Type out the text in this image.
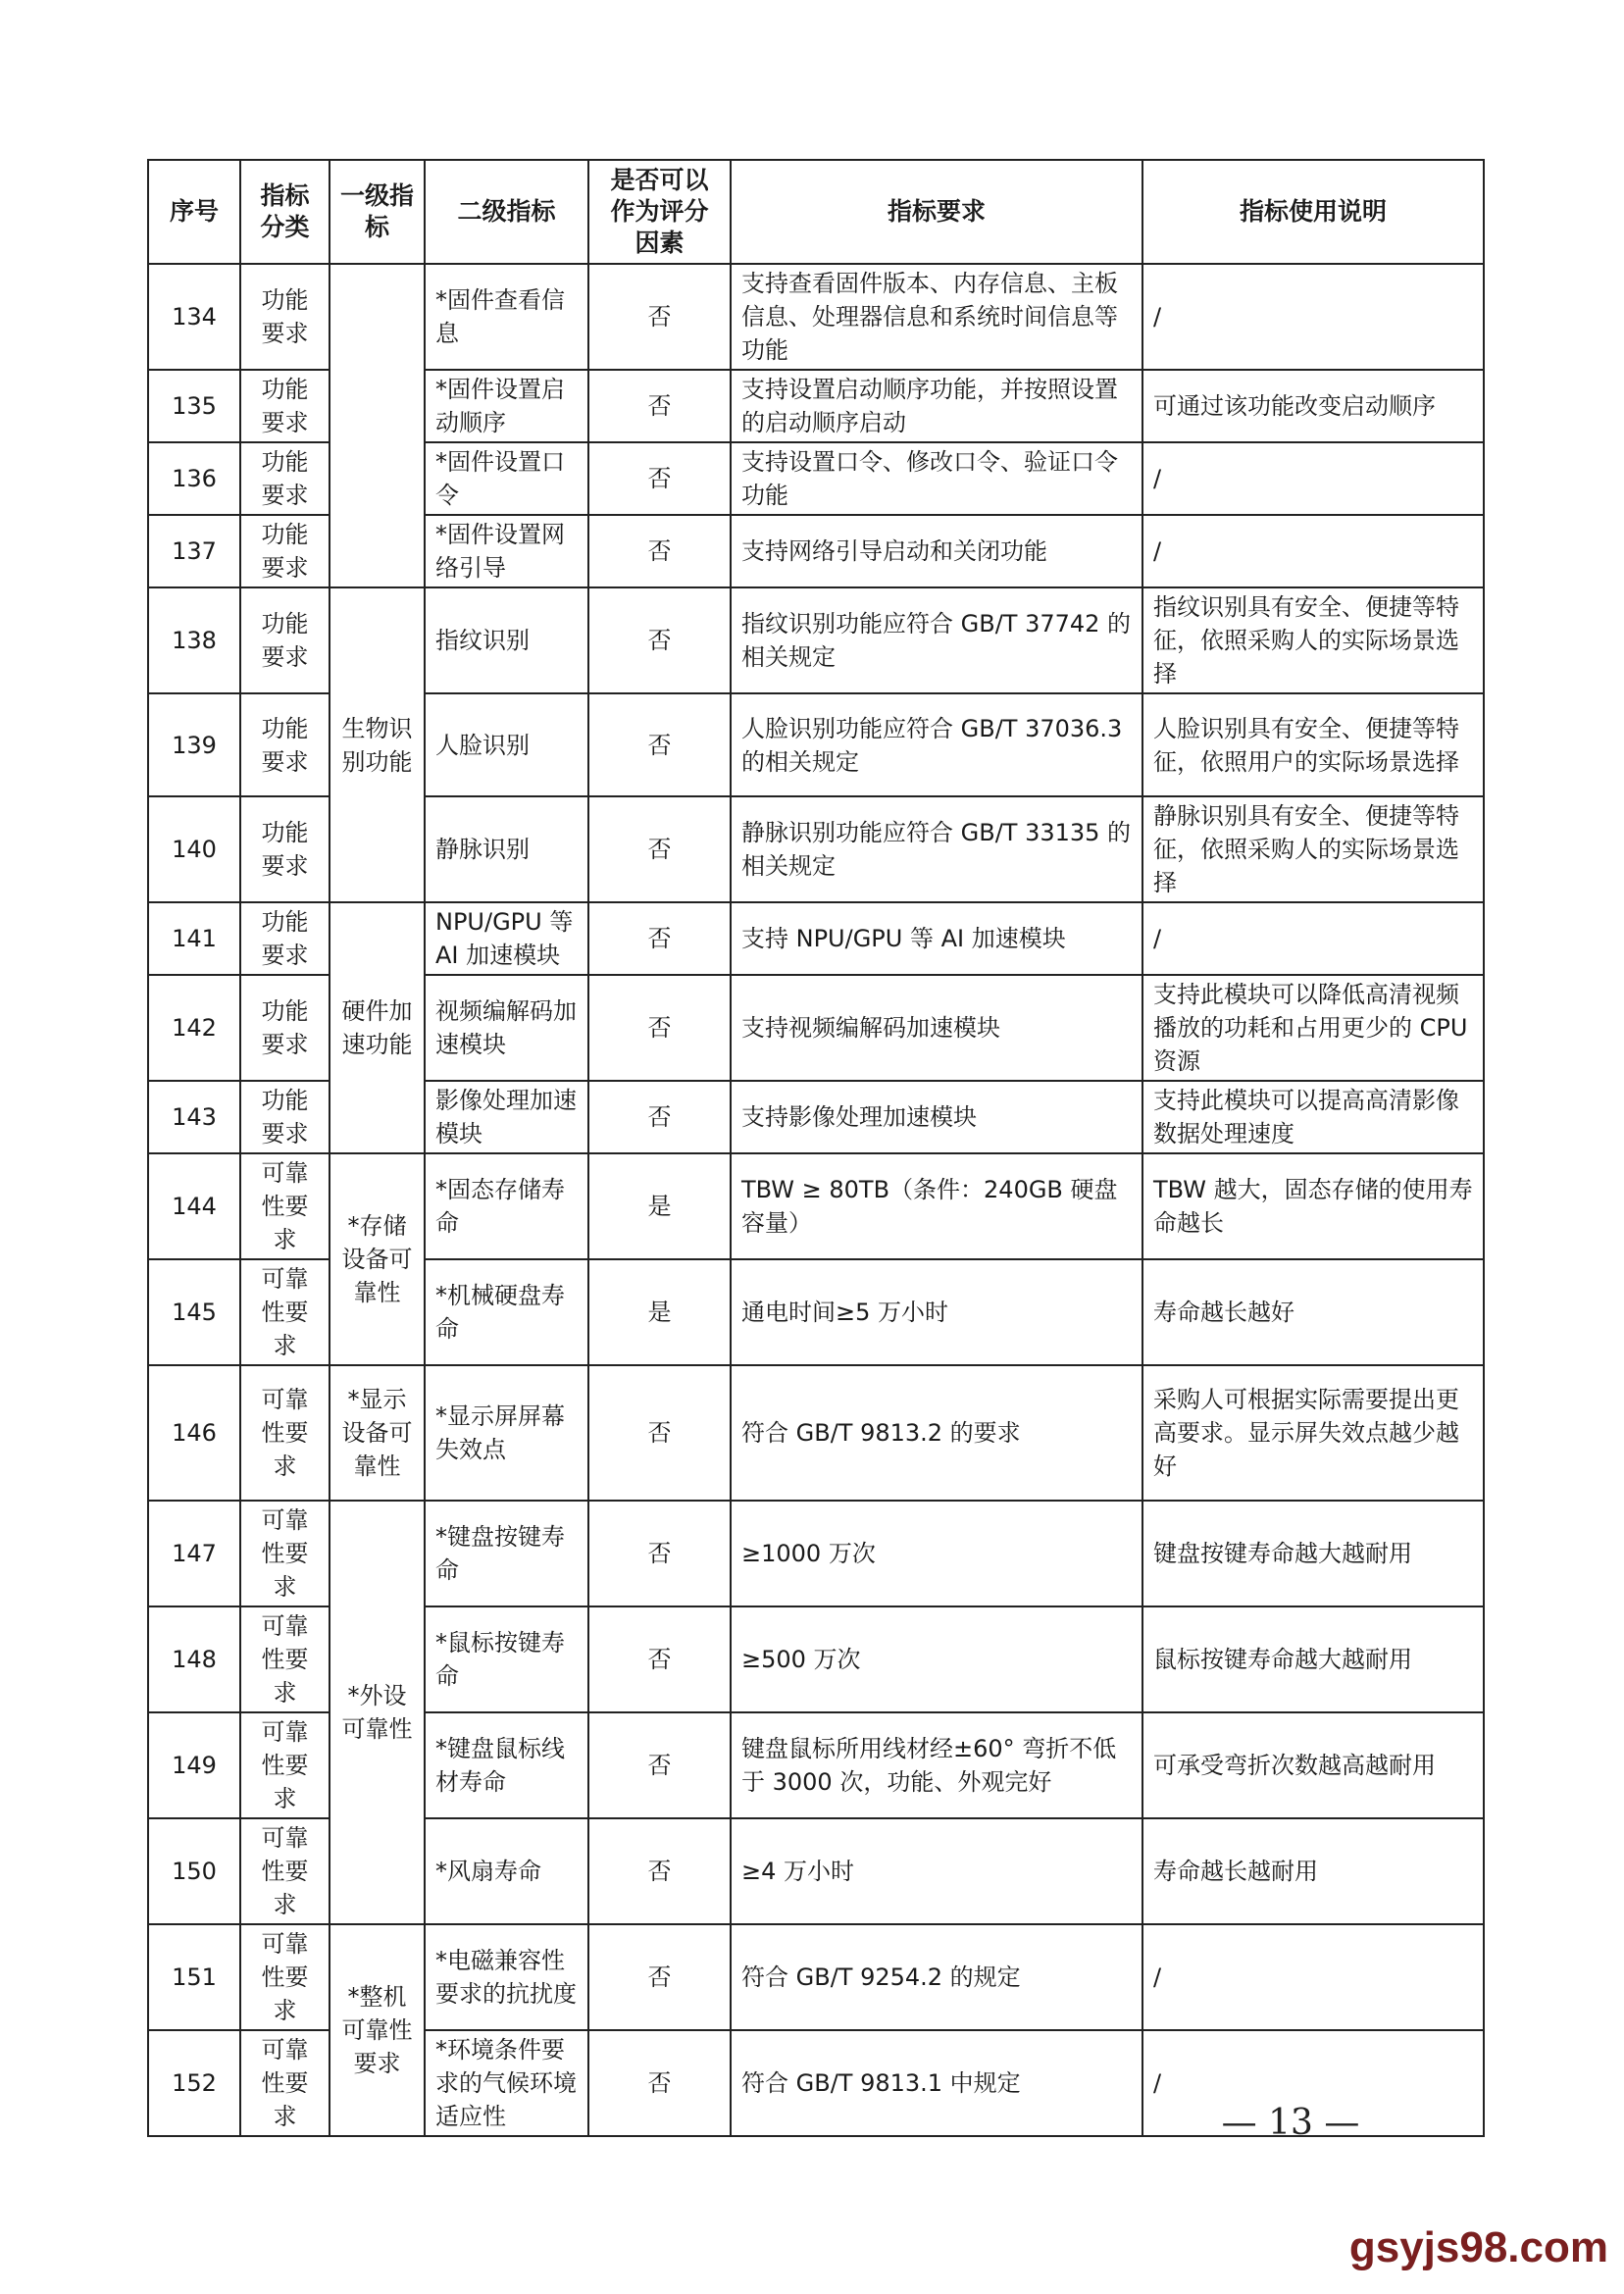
序号	指标分类	一级指标	二级指标	是否可以作为评分因素	指标要求	指标使用说明
134	功能要求		*固件查看信息	否	支持查看固件版本、内存信息、主板信息、处理器信息和系统时间信息等功能	/
135	功能要求		*固件设置启动顺序	否	支持设置启动顺序功能，并按照设置的启动顺序启动	可通过该功能改变启动顺序
136	功能要求		*固件设置口令	否	支持设置口令、修改口令、验证口令功能	/
137	功能要求		*固件设置网络引导	否	支持网络引导启动和关闭功能	/
138	功能要求	生物识别功能	指纹识别	否	指纹识别功能应符合 GB/T 37742 的相关规定	指纹识别具有安全、便捷等特征，依照采购人的实际场景选择
139	功能要求		人脸识别	否	人脸识别功能应符合 GB/T 37036.3 的相关规定	人脸识别具有安全、便捷等特征，依照用户的实际场景选择
140	功能要求		静脉识别	否	静脉识别功能应符合 GB/T 33135 的相关规定	静脉识别具有安全、便捷等特征，依照采购人的实际场景选择
141	功能要求	硬件加速功能	NPU/GPU 等 AI 加速模块	否	支持 NPU/GPU 等 AI 加速模块	/
142	功能要求		视频编解码加速模块	否	支持视频编解码加速模块	支持此模块可以降低高清视频播放的功耗和占用更少的 CPU 资源
143	功能要求		影像处理加速模块	否	支持影像处理加速模块	支持此模块可以提高高清影像数据处理速度
144	可靠性要求	*存储设备可靠性	*固态存储寿命	是	TBW ≥ 80TB（条件：240GB 硬盘容量）	TBW 越大，固态存储的使用寿命越长
145	可靠性要求		*机械硬盘寿命	是	通电时间≥5 万小时	寿命越长越好
146	可靠性要求	*显示设备可靠性	*显示屏屏幕失效点	否	符合 GB/T 9813.2 的要求	采购人可根据实际需要提出更高要求。显示屏失效点越少越好
147	可靠性要求	*外设可靠性	*键盘按键寿命	否	≥1000 万次	键盘按键寿命越大越耐用
148	可靠性要求		*鼠标按键寿命	否	≥500 万次	鼠标按键寿命越大越耐用
149	可靠性要求		*键盘鼠标线材寿命	否	键盘鼠标所用线材经±60° 弯折不低于 3000 次，功能、外观完好	可承受弯折次数越高越耐用
150	可靠性要求		*风扇寿命	否	≥4 万小时	寿命越长越耐用
151	可靠性要求	*整机可靠性要求	*电磁兼容性要求的抗扰度	否	符合 GB/T 9254.2 的规定	/
152	可靠性要求		*环境条件要求的气候环境适应性	否	符合 GB/T 9813.1 中规定	/
— 13 —
gsyjs98.com
